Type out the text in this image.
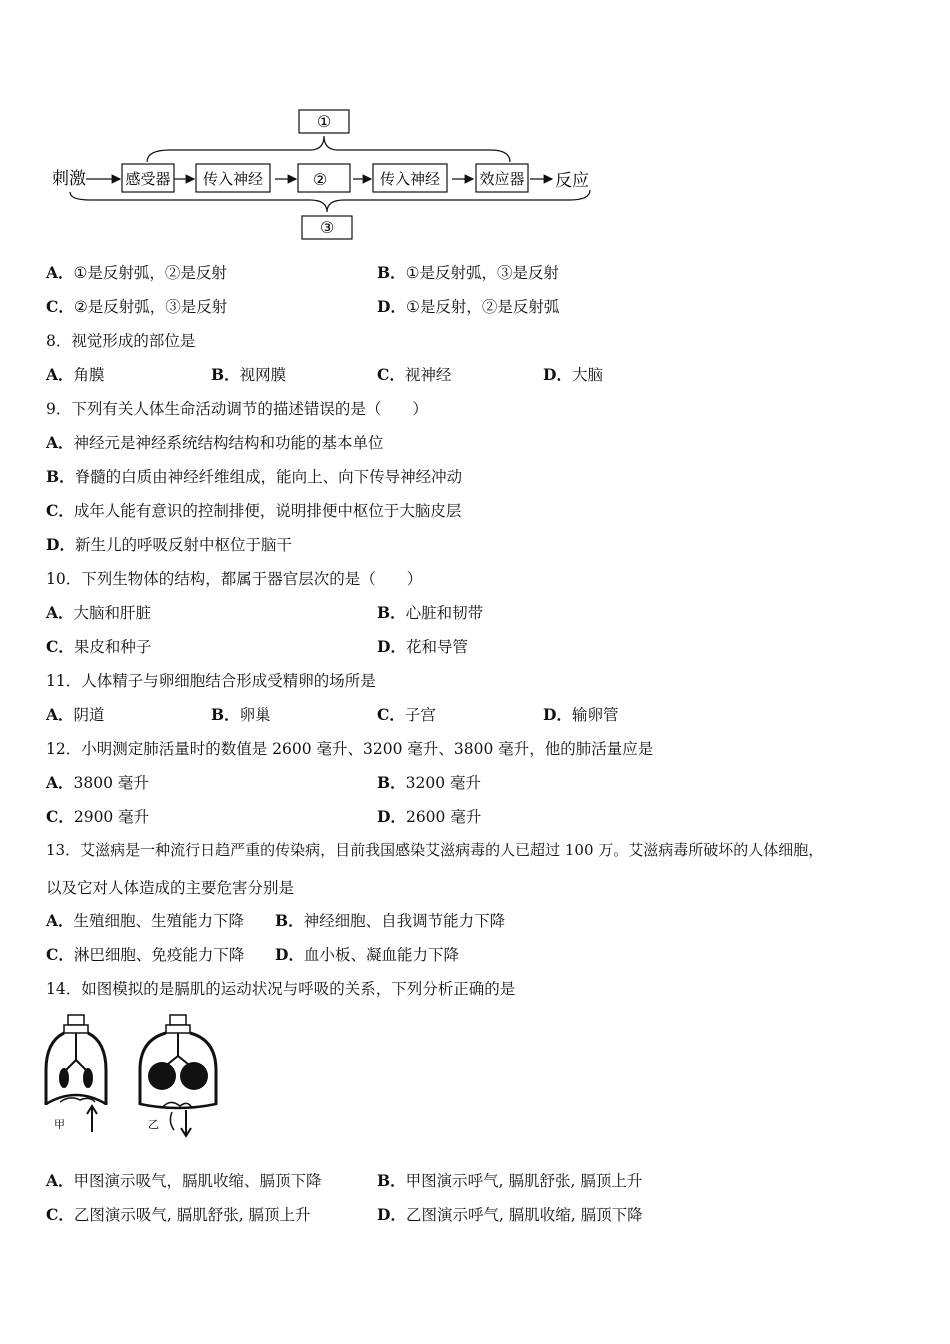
①
刺激	感受器 传入神经	②	传入神经	效应器 反应
③
A．①是反射弧，②是反射	B．①是反射弧，③是反射
C．②是反射弧，③是反射	D．①是反射，②是反射弧
8．视觉形成的部位是
A．角膜	B．视网膜	C．视神经	D．大脑
9．下列有关人体生命活动调节的描述错误的是（　　）
A．神经元是神经系统结构结构和功能的基本单位
B．脊髓的白质由神经纤维组成，能向上、向下传导神经冲动
C．成年人能有意识的控制排便，说明排便中枢位于大脑皮层
D．新生儿的呼吸反射中枢位于脑干
10．下列生物体的结构，都属于器官层次的是（　　）
A．大脑和肝脏	B．心脏和韧带
C．果皮和种子	D．花和导管
11．人体精子与卵细胞结合形成受精卵的场所是
A．阴道	B．卵巢	C．子宫	D．输卵管
12．小明测定肺活量时的数值是 2600 毫升、3200 毫升、3800 毫升，他的肺活量应是
A．3800 毫升	B．3200 毫升
C．2900 毫升	D．2600 毫升
13．艾滋病是一种流行日趋严重的传染病，目前我国感染艾滋病毒的人已超过 100 万。艾滋病毒所破坏的人体细胞，
以及它对人体造成的主要危害分别是
A．生殖细胞、生殖能力下降 B．神经细胞、自我调节能力下降
C．淋巴细胞、免疫能力下降 D．血小板、凝血能力下降
14．如图模拟的是膈肌的运动状况与呼吸的关系，下列分析正确的是
甲	乙
A．甲图演示吸气，膈肌收缩、膈顶下降	B．甲图演示呼气, 膈肌舒张, 膈顶上升
C．乙图演示吸气, 膈肌舒张, 膈顶上升	D．乙图演示呼气, 膈肌收缩, 膈顶下降
